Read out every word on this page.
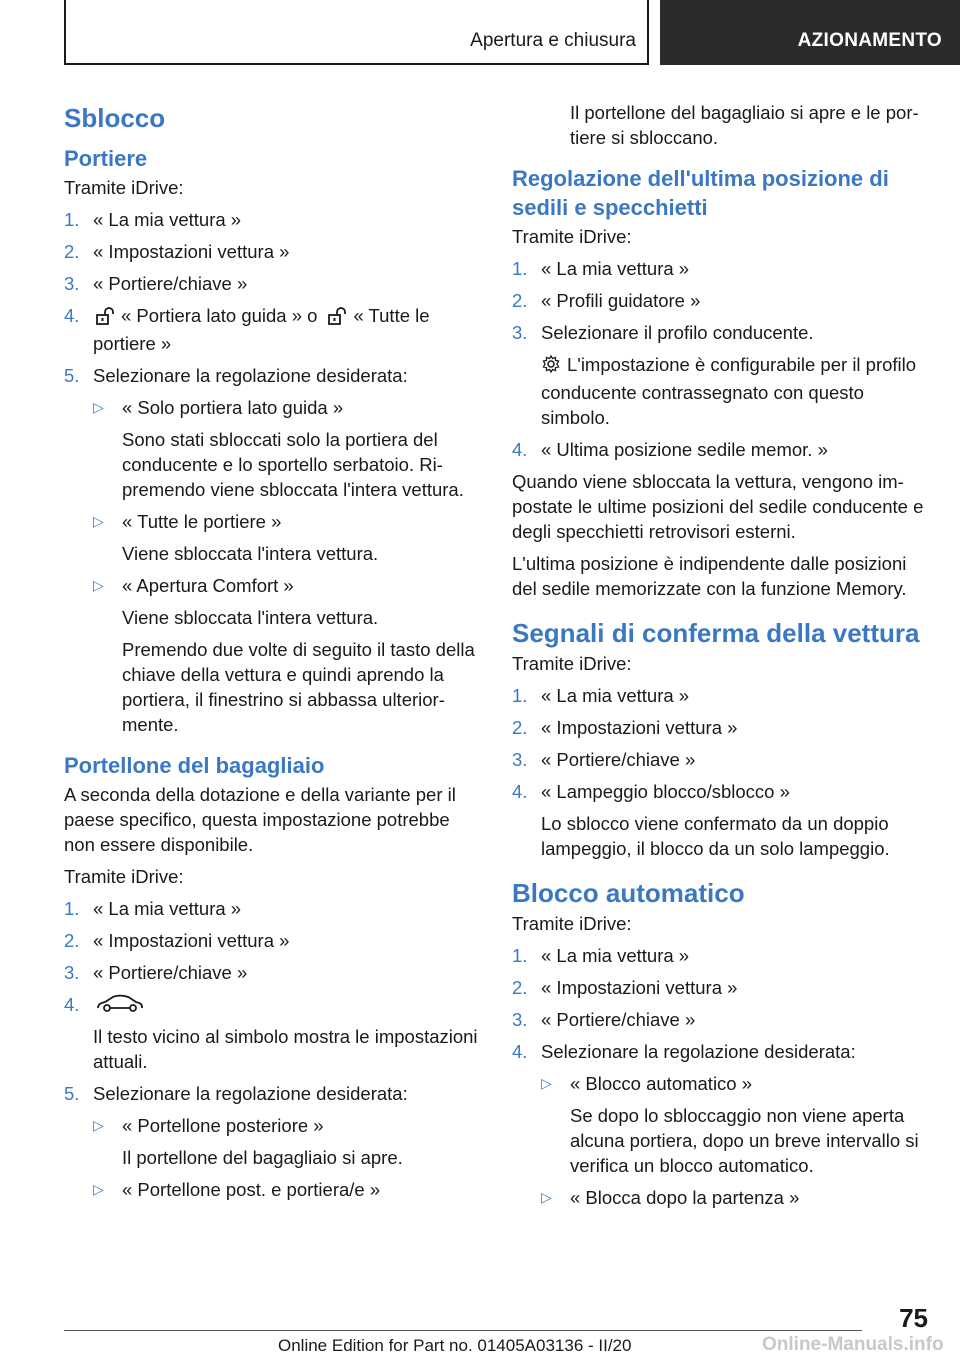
Apertura e chiusura	AZIONAMENTO
Sblocco
Portiere

Tramite iDrive:

1. « La mia vettura »
2. « Impostazioni vettura »
3. « Portiere/chiave »
4. « Portiera lato guida » o « Tutte le portiere »
5. Selezionare la regolazione desiderata:
▷ « Solo portiera lato guida »

Sono stati sbloccati solo la portiera del conducente e lo sportello serbatoio. Ripremendo viene sbloccata l'intera vettura.

▷ « Tutte le portiere »

Viene sbloccata l'intera vettura.

▷ « Apertura Comfort »

Viene sbloccata l'intera vettura.

Premendo due volte di seguito il tasto della chiave della vettura e quindi aprendo la portiera, il finestrino si abbassa ulteriormente.

Portellone del bagagliaio

A seconda della dotazione e della variante per il paese specifico, questa impostazione potrebbe non essere disponibile.

Tramite iDrive:

1. « La mia vettura »
2. « Impostazioni vettura »
3. « Portiere/chiave »
4.
Il testo vicino al simbolo mostra le impostazioni attuali.
5. Selezionare la regolazione desiderata:
▷ « Portellone posteriore »

Il portellone del bagagliaio si apre.

▷ « Portellone post. e portiera/e »

Il portellone del bagagliaio si apre e le portiere si sbloccano.

Regolazione dell'ultima posizione di sedili e specchietti

Tramite iDrive:

1. « La mia vettura »
2. « Profili guidatore »
3. Selezionare il profilo conducente.

L'impostazione è configurabile per il profilo conducente contrassegnato con questo simbolo.

4. « Ultima posizione sedile memor. »

Quando viene sbloccata la vettura, vengono impostate le ultime posizioni del sedile conducente e degli specchietti retrovisori esterni.

L'ultima posizione è indipendente dalle posizioni del sedile memorizzate con la funzione Memory.

Segnali di conferma della vettura

Tramite iDrive:

1. « La mia vettura »
2. « Impostazioni vettura »
3. « Portiere/chiave »
4. « Lampeggio blocco/sblocco »
Lo sblocco viene confermato da un doppio lampeggio, il blocco da un solo lampeggio.
Blocco automatico

Tramite iDrive:

1. « La mia vettura »
2. « Impostazioni vettura »
3. « Portiere/chiave »
4. Selezionare la regolazione desiderata:
▷ « Blocco automatico »

Se dopo lo sbloccaggio non viene aperta alcuna portiera, dopo un breve intervallo si verifica un blocco automatico.

▷ « Blocca dopo la partenza »
75
Online Edition for Part no. 01405A03136 - II/20	Online-Manuals.info
